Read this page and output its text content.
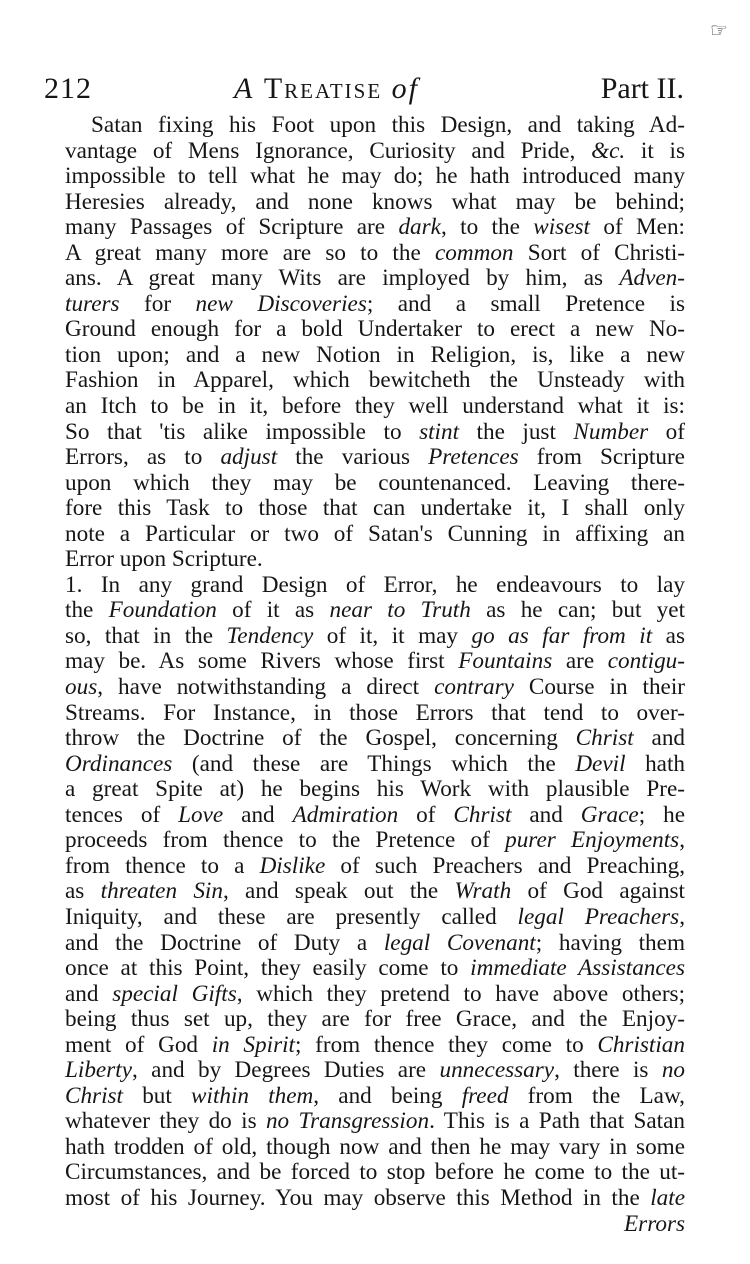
☞
212	A Treatise of	Part II.
Satan fixing his Foot upon this Design, and taking Ad-
vantage of Mens Ignorance, Curiosity and Pride, &c. it is
impossible to tell what he may do; he hath introduced many
Heresies already, and none knows what may be behind;
many Passages of Scripture are dark, to the wisest of Men:
A great many more are so to the common Sort of Christi-
ans. A great many Wits are imployed by him, as Adven-
turers for new Discoveries; and a small Pretence is
Ground enough for a bold Undertaker to erect a new No-
tion upon; and a new Notion in Religion, is, like a new
Fashion in Apparel, which bewitcheth the Unsteady with
an Itch to be in it, before they well understand what it is:
So that 'tis alike impossible to stint the just Number of
Errors, as to adjust the various Pretences from Scripture
upon which they may be countenanced. Leaving there-
fore this Task to those that can undertake it, I shall only
note a Particular or two of Satan's Cunning in affixing an
Error upon Scripture.
1. In any grand Design of Error, he endeavours to lay
the Foundation of it as near to Truth as he can; but yet
so, that in the Tendency of it, it may go as far from it as
may be. As some Rivers whose first Fountains are contigu-
ous, have notwithstanding a direct contrary Course in their
Streams. For Instance, in those Errors that tend to over-
throw the Doctrine of the Gospel, concerning Christ and
Ordinances (and these are Things which the Devil hath
a great Spite at) he begins his Work with plausible Pre-
tences of Love and Admiration of Christ and Grace; he
proceeds from thence to the Pretence of purer Enjoyments,
from thence to a Dislike of such Preachers and Preaching,
as threaten Sin, and speak out the Wrath of God against
Iniquity, and these are presently called legal Preachers,
and the Doctrine of Duty a legal Covenant; having them
once at this Point, they easily come to immediate Assistances
and special Gifts, which they pretend to have above others;
being thus set up, they are for free Grace, and the Enjoy-
ment of God in Spirit; from thence they come to Christian
Liberty, and by Degrees Duties are unnecessary, there is no
Christ but within them, and being freed from the Law,
whatever they do is no Transgression. This is a Path that Satan
hath trodden of old, though now and then he may vary in some
Circumstances, and be forced to stop before he come to the ut-
most of his Journey. You may observe this Method in the late
Errors
